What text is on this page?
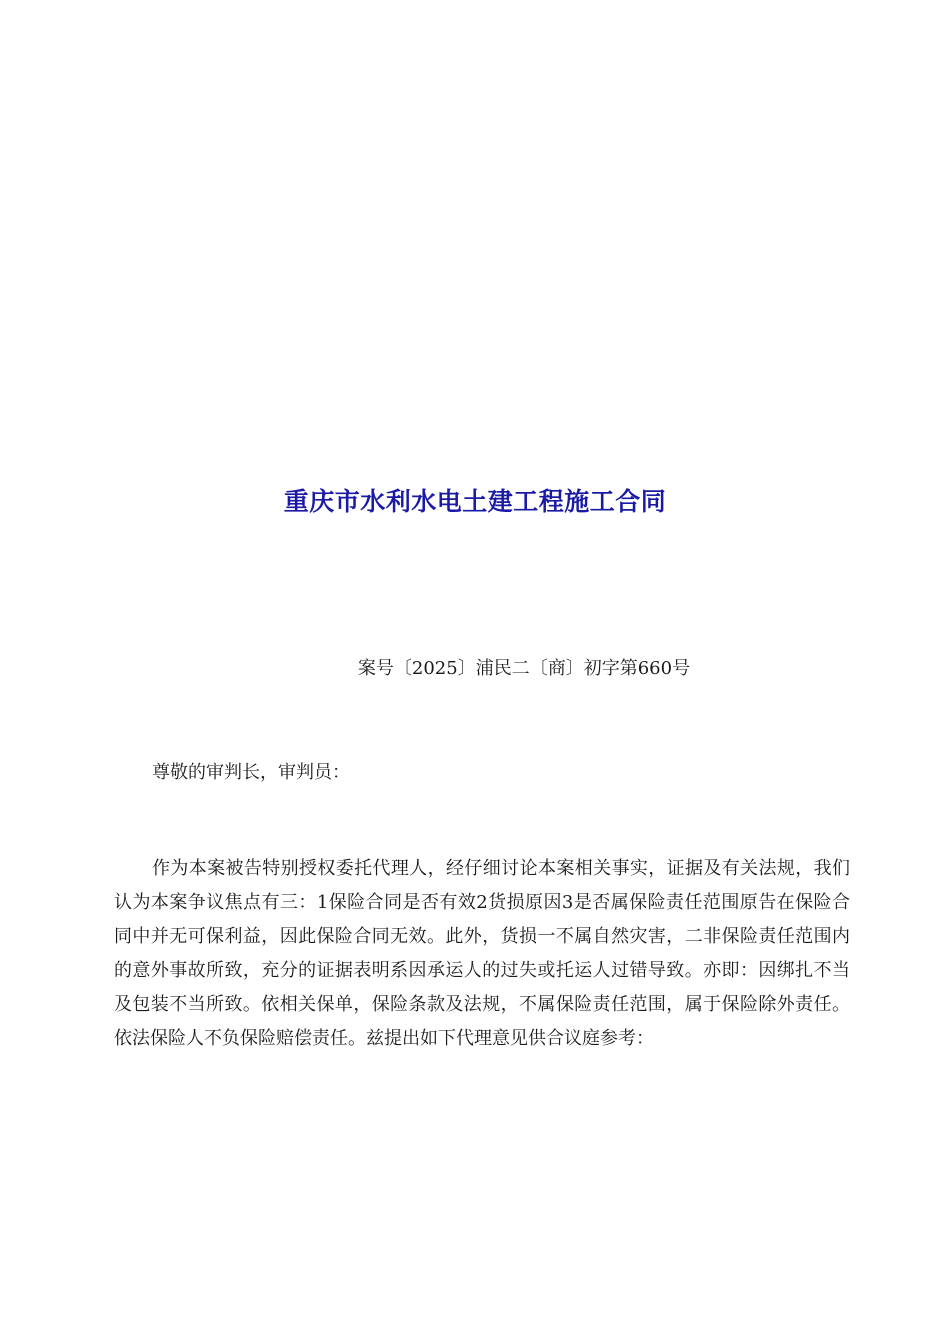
重庆市水利水电土建工程施工合同
案号〔2025〕浦民二〔商〕初字第660号
尊敬的审判长，审判员：
作为本案被告特别授权委托代理人，经仔细讨论本案相关事实，证据及有关法规，我们认为本案争议焦点有三：1保险合同是否有效2货损原因3是否属保险责任范围原告在保险合同中并无可保利益，因此保险合同无效。此外，货损一不属自然灾害，二非保险责任范围内的意外事故所致，充分的证据表明系因承运人的过失或托运人过错导致。亦即：因绑扎不当及包装不当所致。依相关保单，保险条款及法规，不属保险责任范围，属于保险除外责任。依法保险人不负保险赔偿责任。兹提出如下代理意见供合议庭参考：
